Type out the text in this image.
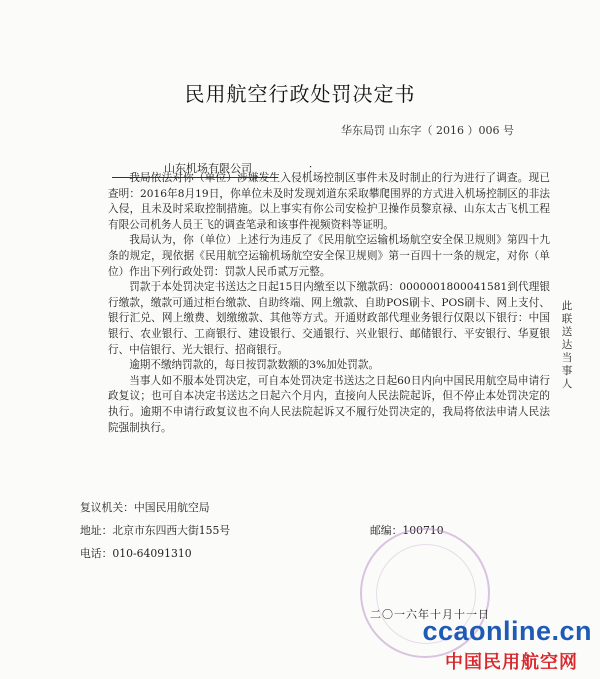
民用航空行政处罚决定书
华东局罚 山东字（ 2016 ）006 号
山东机场有限公司	：

我局依法对你（单位）涉嫌发生入侵机场控制区事件未及时制止的行为进行了调查。现已查明：2016年8月19日，你单位未及时发现刘道东采取攀爬围界的方式进入机场控制区的非法入侵，且未及时采取控制措施。以上事实有你公司安检护卫操作员黎京禄、山东太古飞机工程有限公司机务人员王飞的调查笔录和该事件视频资料等证明。

我局认为，你（单位）上述行为违反了《民用航空运输机场航空安全保卫规则》第四十九条的规定，现依据《民用航空运输机场航空安全保卫规则》第一百四十一条的规定，对你（单位）作出下列行政处罚：罚款人民币贰万元整。

罚款于本处罚决定书送达之日起15日内缴至以下缴款码：0000001800041581到代理银行缴款，缴款可通过柜台缴款、自助终端、网上缴款、自助POS刷卡、POS刷卡、网上支付、银行汇兑、网上缴费、划缴缴款、其他等方式。开通财政部代理业务银行仅限以下银行：中国银行、农业银行、工商银行、建设银行、交通银行、兴业银行、邮储银行、平安银行、华夏银行、中信银行、光大银行、招商银行。

逾期不缴纳罚款的，每日按罚款数额的3%加处罚款。

当事人如不服本处罚决定，可自本处罚决定书送达之日起60日内向中国民用航空局申请行政复议；也可自本决定书送达之日起六个月内，直接向人民法院起诉，但不停止本处罚决定的执行。逾期不申请行政复议也不向人民法院起诉又不履行处罚决定的，我局将依法申请人民法院强制执行。

此
联
送
达
当
事
人
复议机关：中国民用航空局
地址：北京市东四西大街155号	邮编：100710
电话：010-64091310
二〇一六年十月十一日
ccaonline.cn
中国民用航空网
